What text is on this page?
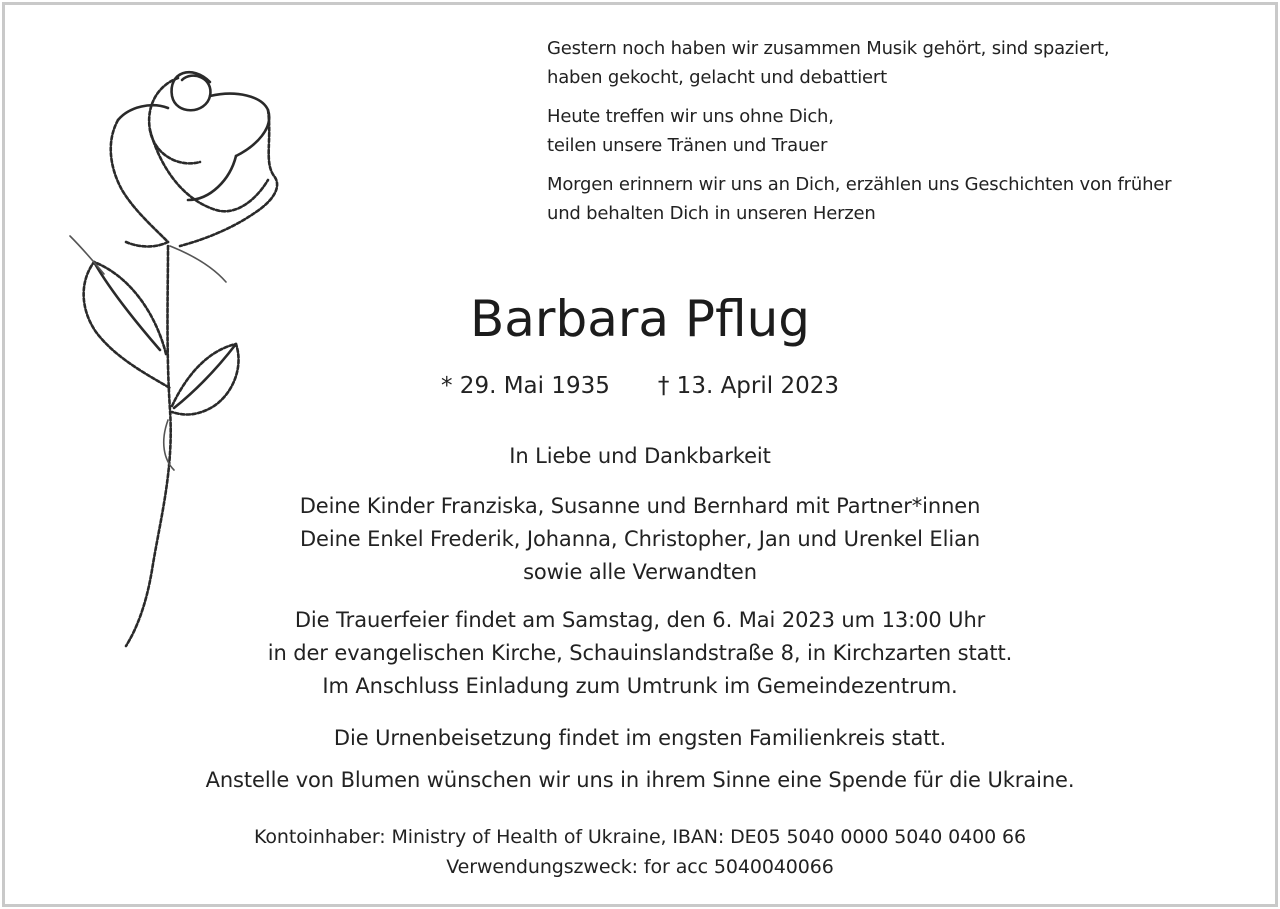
Gestern noch haben wir zusammen Musik gehört, sind spaziert,
haben gekocht, gelacht und debattiert
Heute treffen wir uns ohne Dich,
teilen unsere Tränen und Trauer
Morgen erinnern wir uns an Dich, erzählen uns Geschichten von früher
und behalten Dich in unseren Herzen
Barbara Pflug
* 29. Mai 1935 † 13. April 2023
In Liebe und Dankbarkeit
Deine Kinder Franziska, Susanne und Bernhard mit Partner*innen
Deine Enkel Frederik, Johanna, Christopher, Jan und Urenkel Elian
sowie alle Verwandten
Die Trauerfeier findet am Samstag, den 6. Mai 2023 um 13:00 Uhr
in der evangelischen Kirche, Schauinslandstraße 8, in Kirchzarten statt.
Im Anschluss Einladung zum Umtrunk im Gemeindezentrum.
Die Urnenbeisetzung findet im engsten Familienkreis statt.
Anstelle von Blumen wünschen wir uns in ihrem Sinne eine Spende für die Ukraine.
Kontoinhaber: Ministry of Health of Ukraine, IBAN: DE05 5040 0000 5040 0400 66
Verwendungszweck: for acc 5040040066
